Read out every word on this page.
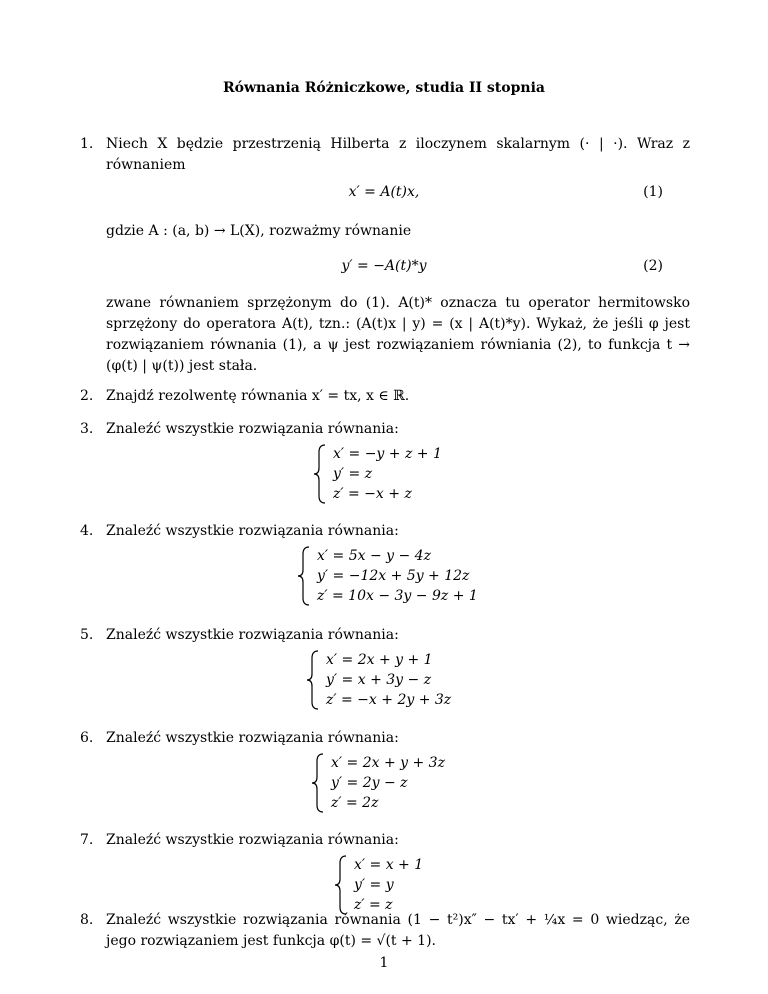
Równania Różniczkowe, studia II stopnia
1. Niech X będzie przestrzenią Hilberta z iloczynem skalarnym (· | ·). Wraz z równaniem
x′ = A(t)x,	(1)
gdzie A : (a, b) → L(X), rozważmy równanie
y′ = −A(t)*y	(2)
zwane równaniem sprzężonym do (1). A(t)* oznacza tu operator hermitowsko sprzężony do operatora A(t), tzn.: (A(t)x | y) = (x | A(t)*y). Wykaż, że jeśli φ jest rozwiązaniem równania (1), a ψ jest rozwiązaniem równiania (2), to funkcja t → (φ(t) | ψ(t)) jest stała.
2. Znajdź rezolwentę równania x′ = tx, x ∈ ℝ.
3. Znaleźć wszystkie rozwiązania równania:
x′ = −y + z + 1
y′ = z
z′ = −x + z
4. Znaleźć wszystkie rozwiązania równania:
x′ = 5x − y − 4z
y′ = −12x + 5y + 12z
z′ = 10x − 3y − 9z + 1
5. Znaleźć wszystkie rozwiązania równania:
x′ = 2x + y + 1
y′ = x + 3y − z
z′ = −x + 2y + 3z
6. Znaleźć wszystkie rozwiązania równania:
x′ = 2x + y + 3z
y′ = 2y − z
z′ = 2z
7. Znaleźć wszystkie rozwiązania równania:
x′ = x + 1
y′ = y
z′ = z
8. Znaleźć wszystkie rozwiązania równania (1 − t²)x″ − tx′ + ¼x = 0 wiedząc, że jego rozwiązaniem jest funkcja φ(t) = √(t + 1).
1
